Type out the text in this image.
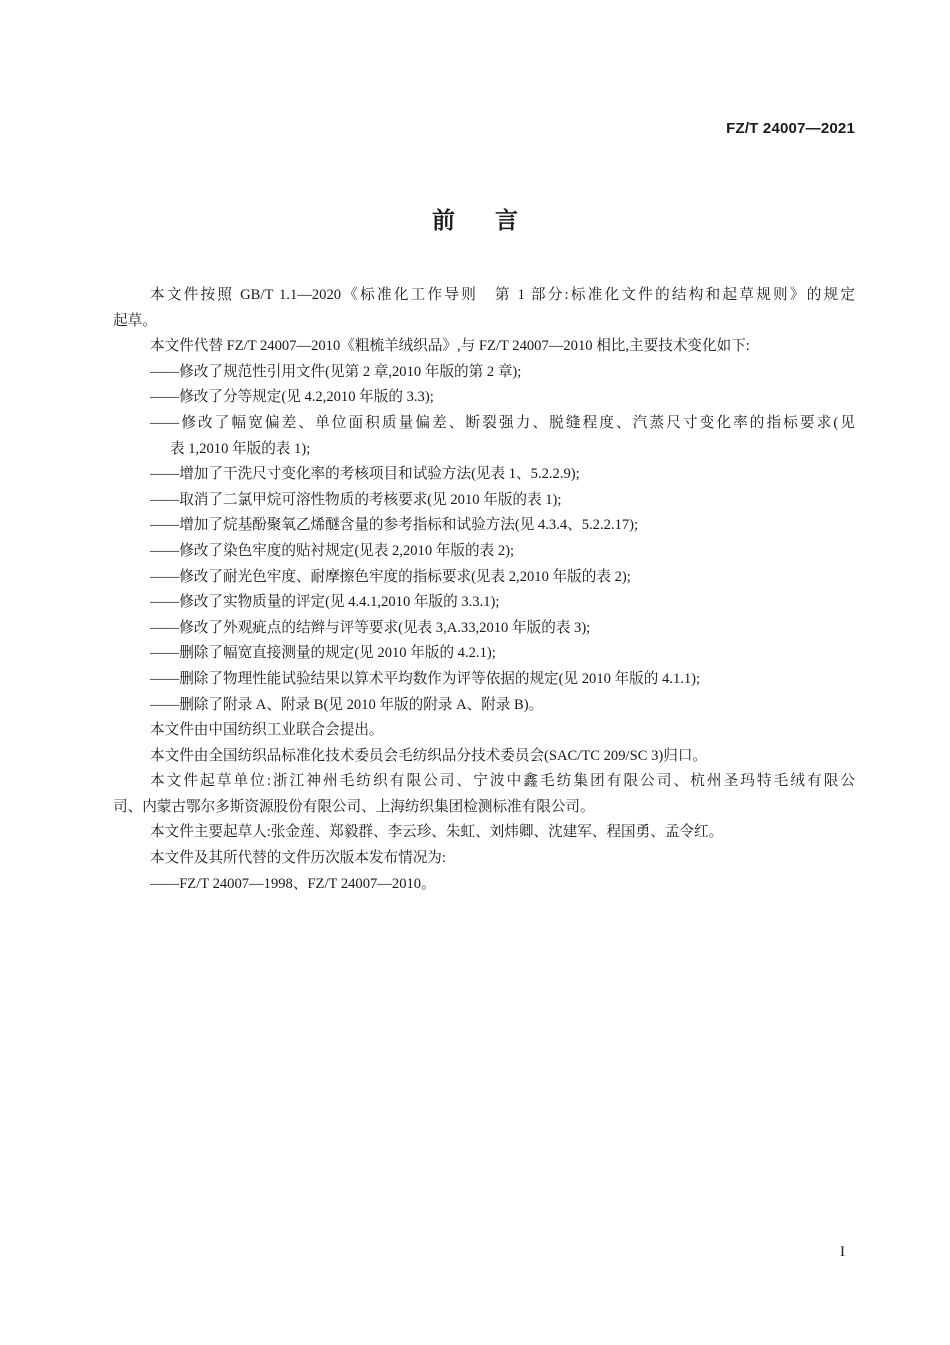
FZ/T 24007—2021
前言
本文件按照 GB/T 1.1—2020《标准化工作导则　第 1 部分:标准化文件的结构和起草规则》的规定
起草。
本文件代替 FZ/T 24007—2010《粗梳羊绒织品》,与 FZ/T 24007—2010 相比,主要技术变化如下:
——修改了规范性引用文件(见第 2 章,2010 年版的第 2 章);
——修改了分等规定(见 4.2,2010 年版的 3.3);
——修改了幅宽偏差、单位面积质量偏差、断裂强力、脱缝程度、汽蒸尺寸变化率的指标要求(见
表 1,2010 年版的表 1);
——增加了干洗尺寸变化率的考核项目和试验方法(见表 1、5.2.2.9);
——取消了二氯甲烷可溶性物质的考核要求(见 2010 年版的表 1);
——增加了烷基酚聚氧乙烯醚含量的参考指标和试验方法(见 4.3.4、5.2.2.17);
——修改了染色牢度的贴衬规定(见表 2,2010 年版的表 2);
——修改了耐光色牢度、耐摩擦色牢度的指标要求(见表 2,2010 年版的表 2);
——修改了实物质量的评定(见 4.4.1,2010 年版的 3.3.1);
——修改了外观疵点的结辫与评等要求(见表 3,A.33,2010 年版的表 3);
——删除了幅宽直接测量的规定(见 2010 年版的 4.2.1);
——删除了物理性能试验结果以算术平均数作为评等依据的规定(见 2010 年版的 4.1.1);
——删除了附录 A、附录 B(见 2010 年版的附录 A、附录 B)。
本文件由中国纺织工业联合会提出。
本文件由全国纺织品标准化技术委员会毛纺织品分技术委员会(SAC/TC 209/SC 3)归口。
本文件起草单位:浙江神州毛纺织有限公司、宁波中鑫毛纺集团有限公司、杭州圣玛特毛绒有限公
司、内蒙古鄂尔多斯资源股份有限公司、上海纺织集团检测标准有限公司。
本文件主要起草人:张金莲、郑毅群、李云珍、朱虹、刘炜卿、沈建军、程国勇、孟令红。
本文件及其所代替的文件历次版本发布情况为:
——FZ/T 24007—1998、FZ/T 24007—2010。
I
